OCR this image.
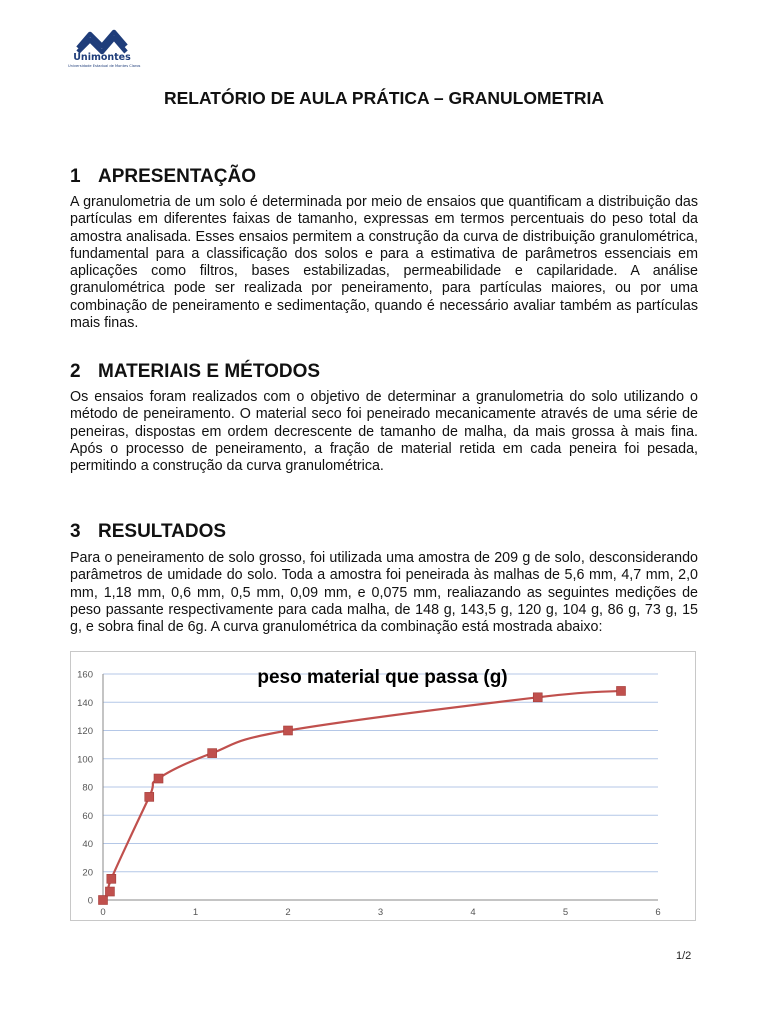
Unimontes
Universidade Estadual de Montes Claros
RELATÓRIO DE AULA PRÁTICA – GRANULOMETRIA
1 APRESENTAÇÃO
A granulometria de um solo é determinada por meio de ensaios que quantificam a distribuição das partículas em diferentes faixas de tamanho, expressas em termos percentuais do peso total da amostra analisada. Esses ensaios permitem a construção da curva de distribuição granulométrica, fundamental para a classificação dos solos e para a estimativa de parâmetros essenciais em aplicações como filtros, bases estabilizadas, permeabilidade e capilaridade. A análise granulométrica pode ser realizada por peneiramento, para partículas maiores, ou por uma combinação de peneiramento e sedimentação, quando é necessário avaliar também as partículas mais finas.
2 MATERIAIS E MÉTODOS
Os ensaios foram realizados com o objetivo de determinar a granulometria do solo utilizando o método de peneiramento. O material seco foi peneirado mecanicamente através de uma série de peneiras, dispostas em ordem decrescente de tamanho de malha, da mais grossa à mais fina. Após o processo de peneiramento, a fração de material retida em cada peneira foi pesada, permitindo a construção da curva granulométrica.
3 RESULTADOS
Para o peneiramento de solo grosso, foi utilizada uma amostra de 209 g de solo, desconsiderando parâmetros de umidade do solo. Toda a amostra foi peneirada às malhas de 5,6 mm, 4,7 mm, 2,0 mm, 1,18 mm, 0,6 mm, 0,5 mm, 0,09 mm, e 0,075 mm, realiazando as seguintes medições de peso passante respectivamente para cada malha, de 148 g, 143,5 g, 120 g, 104 g, 86 g, 73 g, 15 g, e sobra final de 6g. A curva granulométrica da combinação está mostrada abaixo:
0
20
40
60
80
100
120
140
160
0	1	2	3	4	5	6
peso material que passa (g)
1/2
